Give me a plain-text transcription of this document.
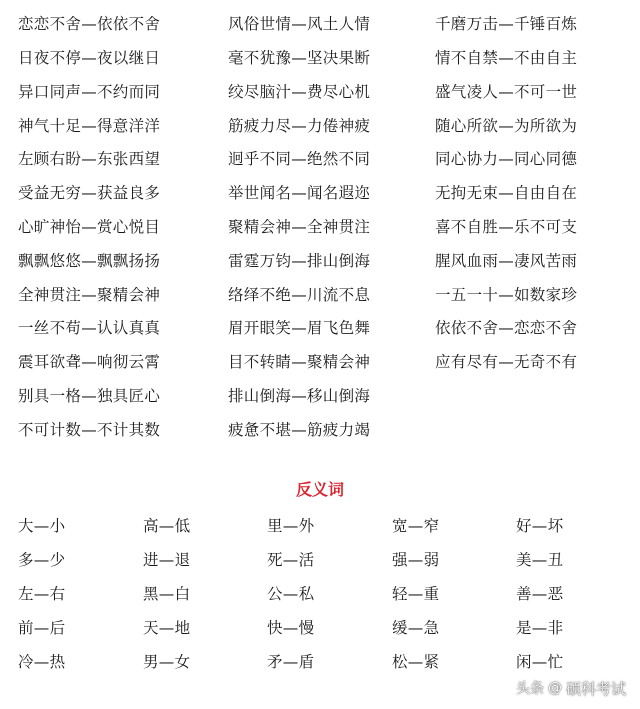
恋恋不舍—依依不舍	风俗世情—风土人情	千磨万击—千锤百炼
日夜不停—夜以继日	毫不犹豫—坚决果断	情不自禁—不由自主
异口同声—不约而同	绞尽脑汁—费尽心机	盛气凌人—不可一世
神气十足—得意洋洋	筋疲力尽—力倦神疲	随心所欲—为所欲为
左顾右盼—东张西望	迥乎不同—绝然不同	同心协力—同心同德
受益无穷—获益良多	举世闻名—闻名遐迩	无拘无束—自由自在
心旷神怡—赏心悦目	聚精会神—全神贯注	喜不自胜—乐不可支
飘飘悠悠—飘飘扬扬	雷霆万钧—排山倒海	腥风血雨—凄风苦雨
全神贯注—聚精会神	络绎不绝—川流不息	一五一十—如数家珍
一丝不苟—认认真真	眉开眼笑—眉飞色舞	依依不舍—恋恋不舍
震耳欲聋—响彻云霄	目不转睛—聚精会神	应有尽有—无奇不有
别具一格—独具匠心	排山倒海—移山倒海
不可计数—不计其数	疲惫不堪—筋疲力竭
反义词
大—小	高—低	里—外	宽—窄	好—坏
多—少	进—退	死—活	强—弱	美—丑
左—右	黑—白	公—私	轻—重	善—恶
前—后	天—地	快—慢	缓—急	是—非
冷—热	男—女	矛—盾	松—紧	闲—忙
头条 @ 硕科考试
